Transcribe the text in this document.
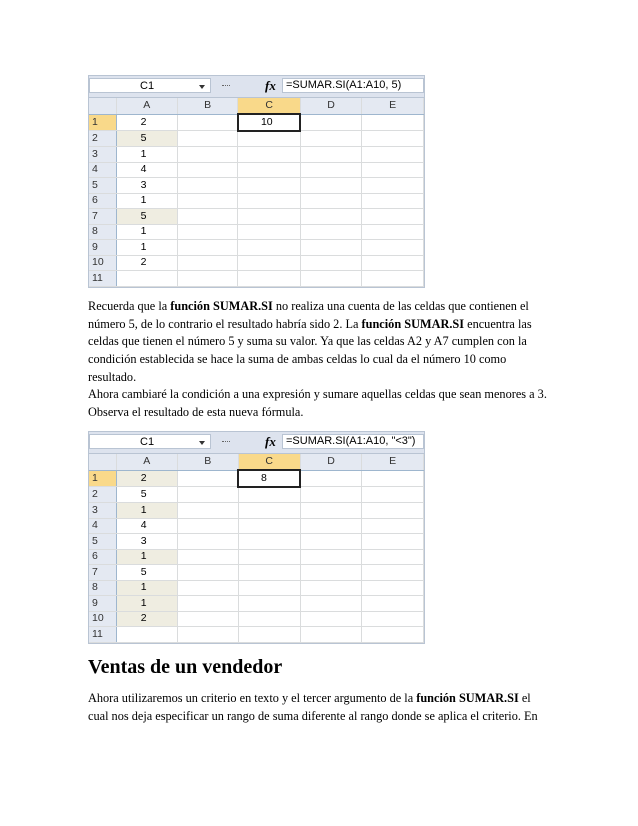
C1	fx =SUMAR.SI(A1:A10, 5)
	A	B	C	D	E
1	2		10		
2	5				
3	1				
4	4				
5	3				
6	1				
7	5				
8	1				
9	1				
10	2				
11					

Recuerda que la función SUMAR.SI no realiza una cuenta de las celdas que contienen el número 5, de lo contrario el resultado habría sido 2. La función SUMAR.SI encuentra las celdas que tienen el número 5 y suma su valor. Ya que las celdas A2 y A7 cumplen con la condición establecida se hace la suma de ambas celdas lo cual da el número 10 como resultado.

Ahora cambiaré la condición a una expresión y sumare aquellas celdas que sean menores a 3. Observa el resultado de esta nueva fórmula.

C1	fx =SUMAR.SI(A1:A10, "<3")
	A	B	C	D	E
1	2		8		
2	5				
3	1				
4	4				
5	3				
6	1				
7	5				
8	1				
9	1				
10	2				
11					
Ventas de un vendedor

Ahora utilizaremos un criterio en texto y el tercer argumento de la función SUMAR.SI el cual nos deja especificar un rango de suma diferente al rango donde se aplica el criterio. En
